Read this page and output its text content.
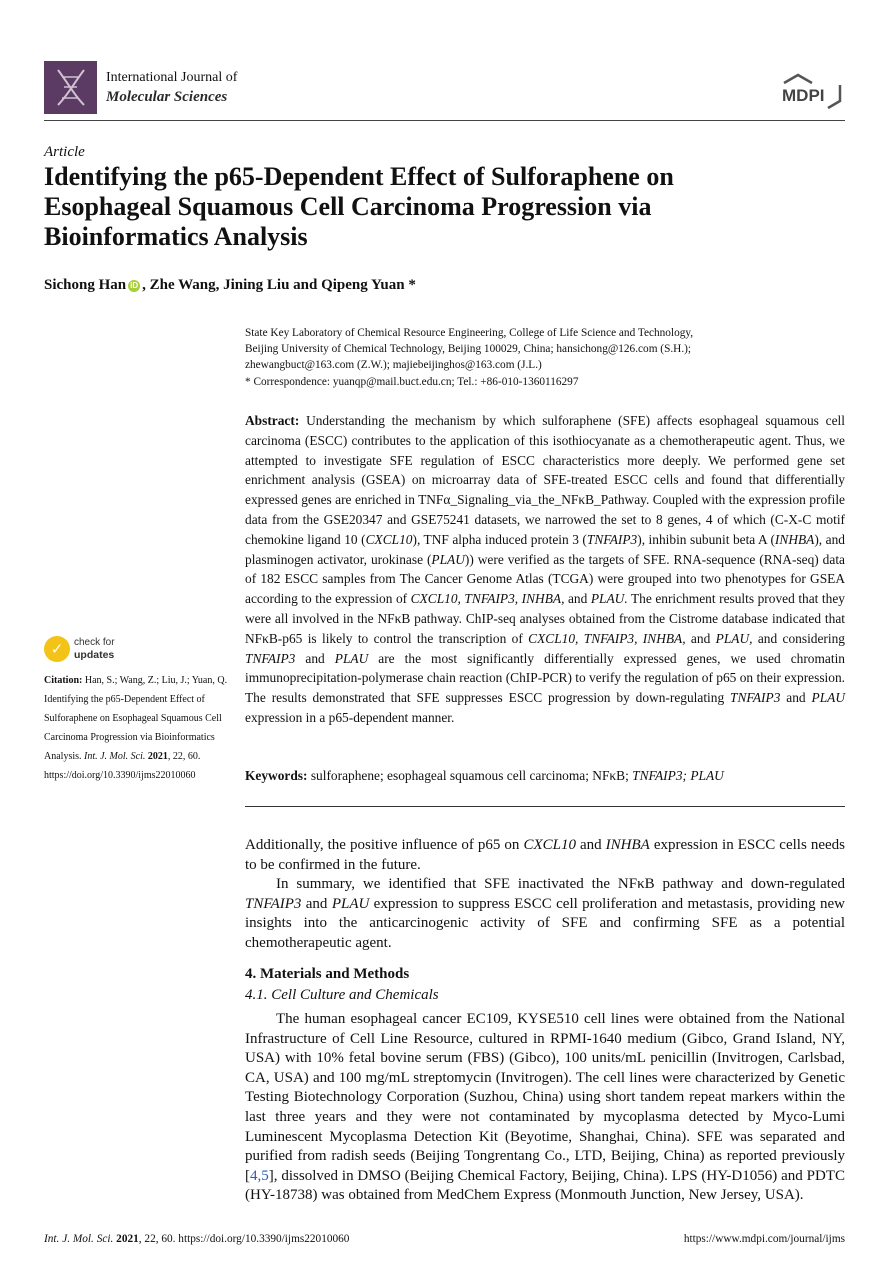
International Journal of
Molecular Sciences	MDPI
Article
Identifying the p65-Dependent Effect of Sulforaphene on Esophageal Squamous Cell Carcinoma Progression via Bioinformatics Analysis
Sichong Han iD , Zhe Wang, Jining Liu and Qipeng Yuan *
State Key Laboratory of Chemical Resource Engineering, College of Life Science and Technology,
Beijing University of Chemical Technology, Beijing 100029, China; hansichong@126.com (S.H.);
zhewangbuct@163.com (Z.W.); majiebeijinghos@163.com (J.L.)
* Correspondence: yuanqp@mail.buct.edu.cn; Tel.: +86-010-1360116297
Abstract: Understanding the mechanism by which sulforaphene (SFE) affects esophageal squamous cell carcinoma (ESCC) contributes to the application of this isothiocyanate as a chemotherapeutic agent. Thus, we attempted to investigate SFE regulation of ESCC characteristics more deeply. We performed gene set enrichment analysis (GSEA) on microarray data of SFE-treated ESCC cells and found that differentially expressed genes are enriched in TNFα_Signaling_via_the_NFκB_Pathway. Coupled with the expression profile data from the GSE20347 and GSE75241 datasets, we narrowed the set to 8 genes, 4 of which (C-X-C motif chemokine ligand 10 (CXCL10), TNF alpha induced protein 3 (TNFAIP3), inhibin subunit beta A (INHBA), and plasminogen activator, urokinase (PLAU)) were verified as the targets of SFE. RNA-sequence (RNA-seq) data of 182 ESCC samples from The Cancer Genome Atlas (TCGA) were grouped into two phenotypes for GSEA according to the expression of CXCL10, TNFAIP3, INHBA, and PLAU. The enrichment results proved that they were all involved in the NFκB pathway. ChIP-seq analyses obtained from the Cistrome database indicated that NFκB-p65 is likely to control the transcription of CXCL10, TNFAIP3, INHBA, and PLAU, and considering TNFAIP3 and PLAU are the most significantly differentially expressed genes, we used chromatin immunoprecipitation-polymerase chain reaction (ChIP-PCR) to verify the regulation of p65 on their expression. The results demonstrated that SFE suppresses ESCC progression by down-regulating TNFAIP3 and PLAU expression in a p65-dependent manner.
Keywords: sulforaphene; esophageal squamous cell carcinoma; NFκB; TNFAIP3; PLAU
✓	check for
updates
Citation: Han, S.; Wang, Z.; Liu, J.; Yuan, Q. Identifying the p65-Dependent Effect of Sulforaphene on Esophageal Squamous Cell Carcinoma Progression via Bioinformatics Analysis. Int. J. Mol. Sci. 2021, 22, 60. https://doi.org/10.3390/ijms22010060
Additionally, the positive influence of p65 on CXCL10 and INHBA expression in ESCC cells needs to be confirmed in the future.
In summary, we identified that SFE inactivated the NFκB pathway and down-regulated TNFAIP3 and PLAU expression to suppress ESCC cell proliferation and metastasis, providing new insights into the anticarcinogenic activity of SFE and confirming SFE as a potential chemotherapeutic agent.
4. Materials and Methods
4.1. Cell Culture and Chemicals
The human esophageal cancer EC109, KYSE510 cell lines were obtained from the National Infrastructure of Cell Line Resource, cultured in RPMI-1640 medium (Gibco, Grand Island, NY, USA) with 10% fetal bovine serum (FBS) (Gibco), 100 units/mL penicillin (Invitrogen, Carlsbad, CA, USA) and 100 mg/mL streptomycin (Invitrogen). The cell lines were characterized by Genetic Testing Biotechnology Corporation (Suzhou, China) using short tandem repeat markers within the last three years and they were not contaminated by mycoplasma detected by Myco-Lumi Luminescent Mycoplasma Detection Kit (Beyotime, Shanghai, China). SFE was separated and purified from radish seeds (Beijing Tongrentang Co., LTD, Beijing, China) as reported previously [4,5], dissolved in DMSO (Beijing Chemical Factory, Beijing, China). LPS (HY-D1056) and PDTC (HY-18738) was obtained from MedChem Express (Monmouth Junction, New Jersey, USA).
Int. J. Mol. Sci. 2021, 22, 60. https://doi.org/10.3390/ijms22010060	https://www.mdpi.com/journal/ijms
